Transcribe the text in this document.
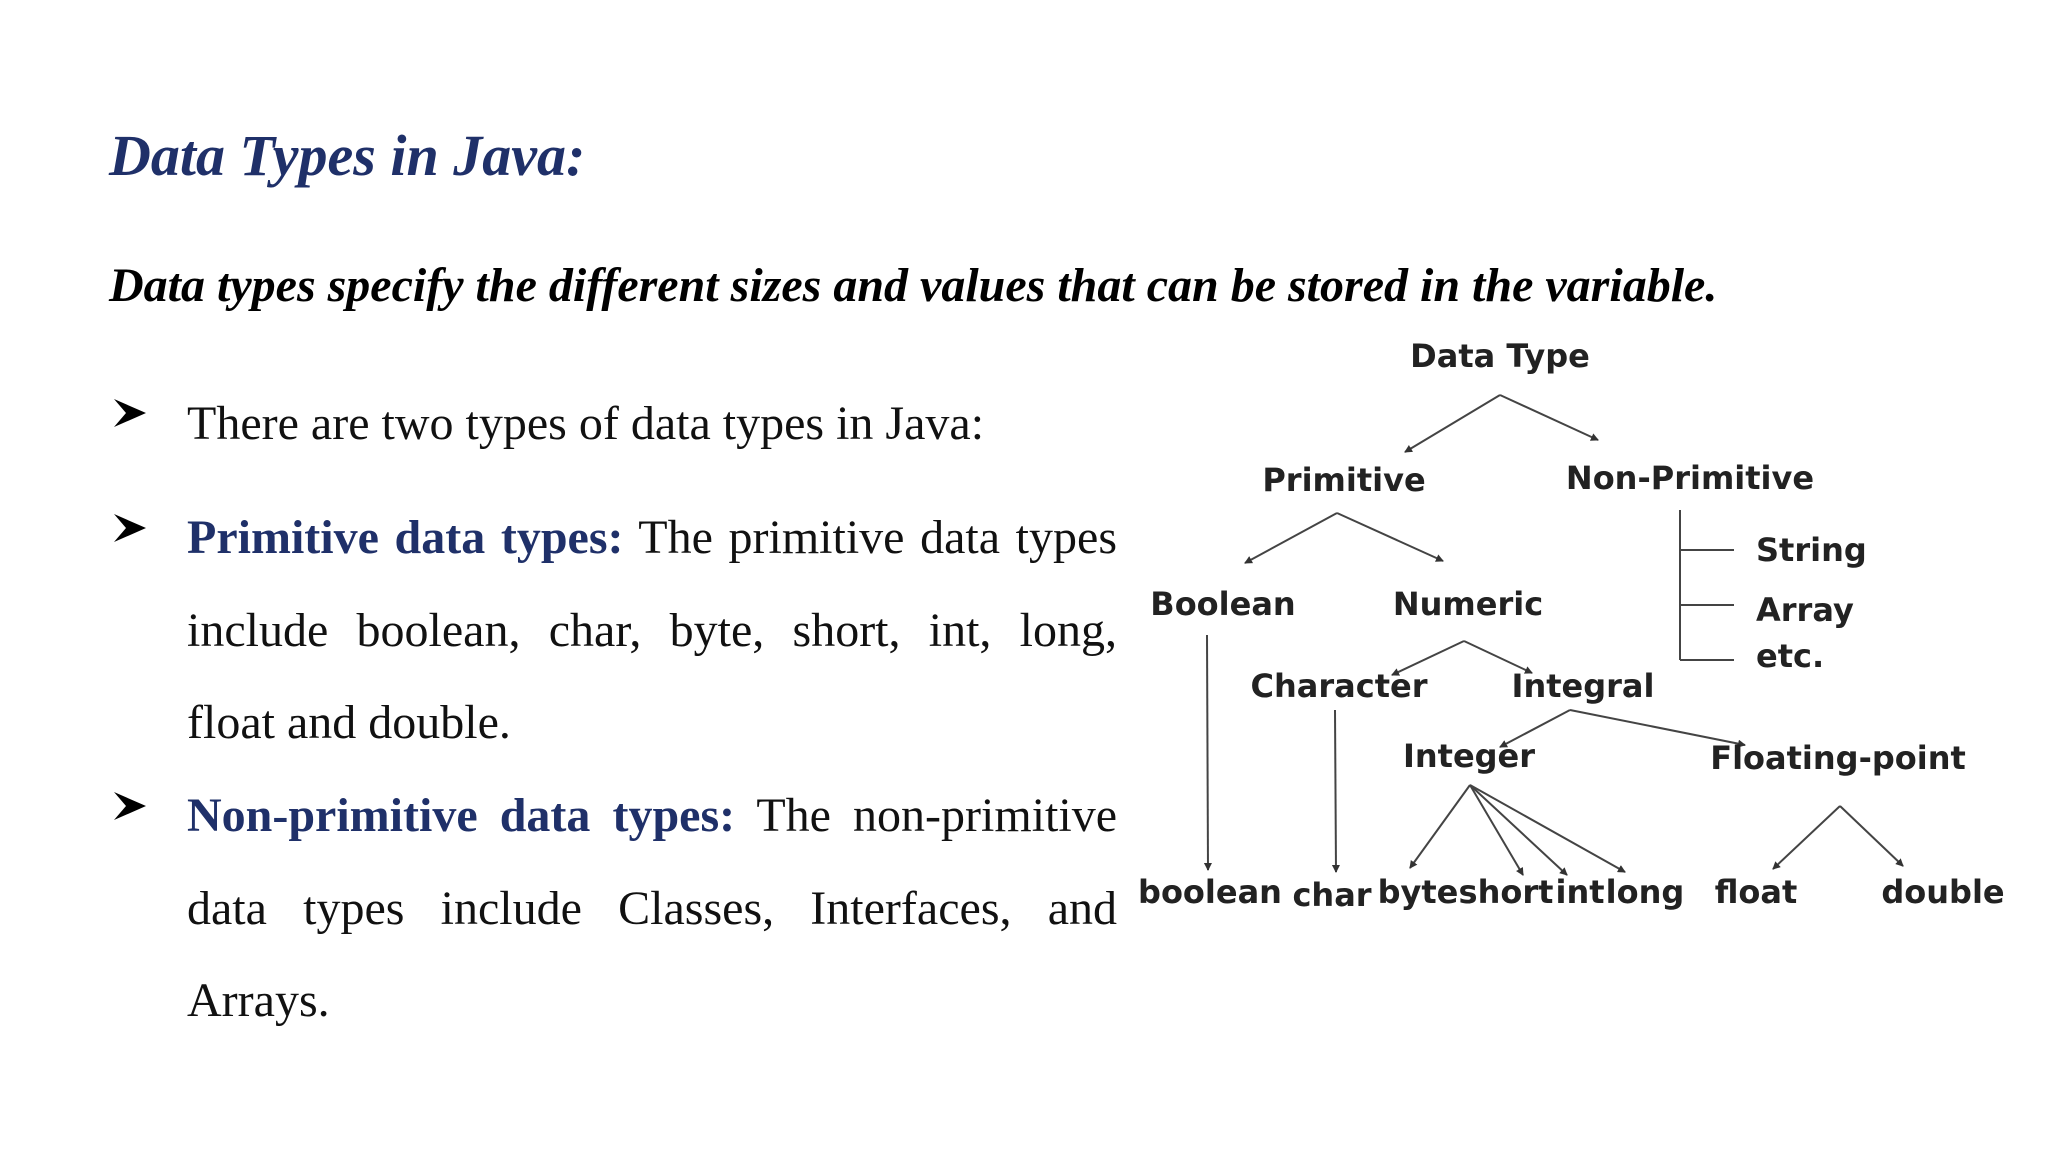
Data Types in Java:

Data types specify the different sizes and values that can be stored in the variable.

There are two types of data types in Java:
Primitive data types: The primitive data types include boolean, char, byte, short, int, long, float and double.
Non-primitive data types: The non-primitive data types include Classes, Interfaces, and Arrays.
Data Type
Primitive	Non-Primitive
String
Array
etc.
Boolean	Numeric
Character	Integral
Integer	Floating-point
boolean char byte short int long float	double
